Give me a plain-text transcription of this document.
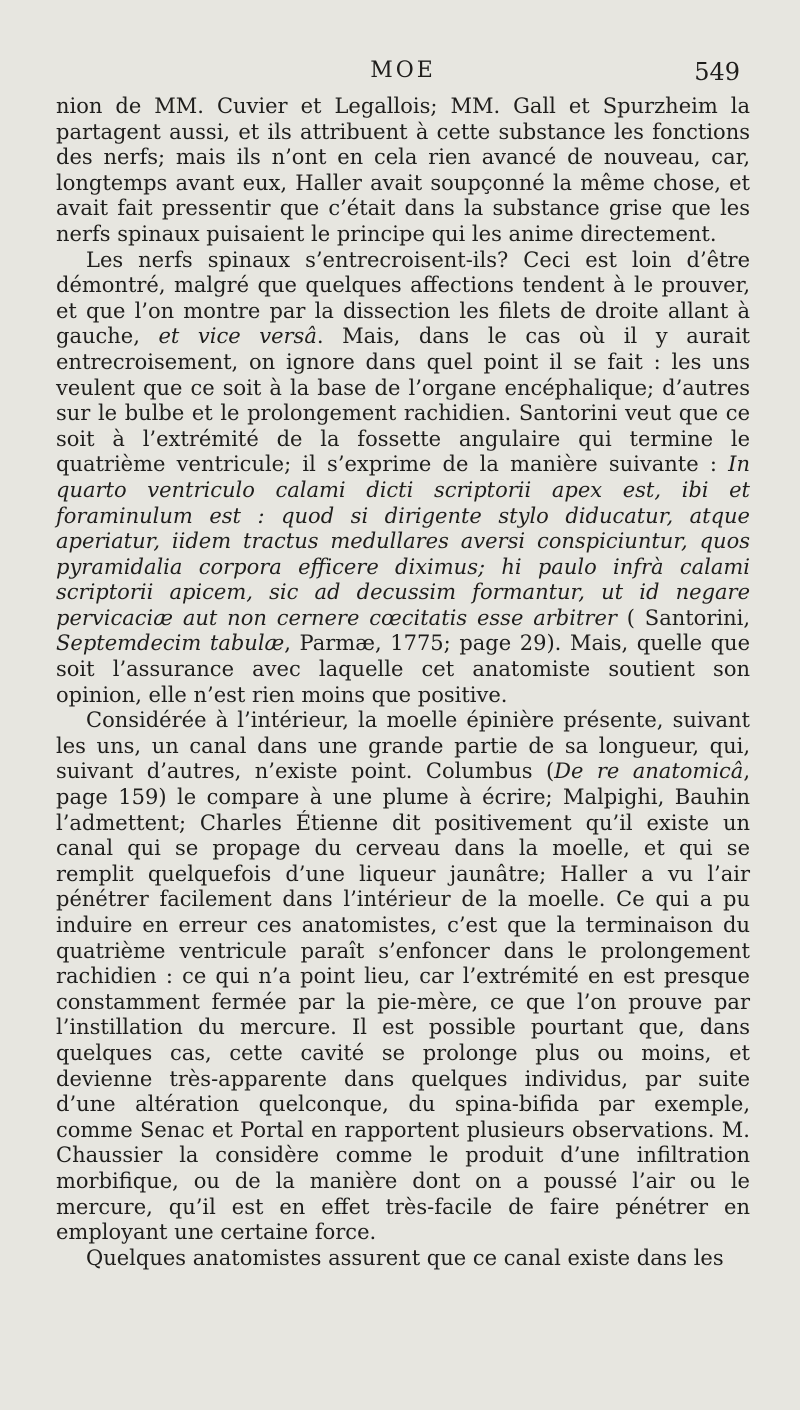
MOE	549

nion de MM. Cuvier et Legallois; MM. Gall et Spurzheim la partagent aussi, et ils attribuent à cette substance les fonctions des nerfs; mais ils n’ont en cela rien avancé de nouveau, car, longtemps avant eux, Haller avait soupçonné la même chose, et avait fait pressentir que c’était dans la substance grise que les nerfs spinaux puisaient le principe qui les anime directement.

Les nerfs spinaux s’entrecroisent-ils? Ceci est loin d’être démontré, malgré que quelques affections tendent à le prouver, et que l’on montre par la dissection les filets de droite allant à gauche, et vice versâ. Mais, dans le cas où il y aurait entrecroisement, on ignore dans quel point il se fait : les uns veulent que ce soit à la base de l’organe encéphalique; d’autres sur le bulbe et le prolongement rachidien. Santorini veut que ce soit à l’extrémité de la fossette angulaire qui termine le quatrième ventricule; il s’exprime de la manière suivante : In quarto ventriculo calami dicti scriptorii apex est, ibi et foraminulum est : quod si dirigente stylo diducatur, atque aperiatur, iidem tractus medullares aversi conspiciuntur, quos pyramidalia corpora efficere diximus; hi paulo infrà calami scriptorii apicem, sic ad decussim formantur, ut id negare pervicaciæ aut non cernere cœcitatis esse arbitrer ( Santorini, Septemdecim tabulæ, Parmæ, 1775; page 29). Mais, quelle que soit l’assurance avec laquelle cet anatomiste soutient son opinion, elle n’est rien moins que positive.

Considérée à l’intérieur, la moelle épinière présente, suivant les uns, un canal dans une grande partie de sa longueur, qui, suivant d’autres, n’existe point. Columbus (De re anatomicâ, page 159) le compare à une plume à écrire; Malpighi, Bauhin l’admettent; Charles Étienne dit positivement qu’il existe un canal qui se propage du cerveau dans la moelle, et qui se remplit quelquefois d’une liqueur jaunâtre; Haller a vu l’air pénétrer facilement dans l’intérieur de la moelle. Ce qui a pu induire en erreur ces anatomistes, c’est que la terminaison du quatrième ventricule paraît s’enfoncer dans le prolongement rachidien : ce qui n’a point lieu, car l’extrémité en est presque constamment fermée par la pie-mère, ce que l’on prouve par l’instillation du mercure. Il est possible pourtant que, dans quelques cas, cette cavité se prolonge plus ou moins, et devienne très-apparente dans quelques individus, par suite d’une altération quelconque, du spina-bifida par exemple, comme Senac et Portal en rapportent plusieurs observations. M. Chaussier la considère comme le produit d’une infiltration morbifique, ou de la manière dont on a poussé l’air ou le mercure, qu’il est en effet très-facile de faire pénétrer en employant une certaine force.

Quelques anatomistes assurent que ce canal existe dans les
